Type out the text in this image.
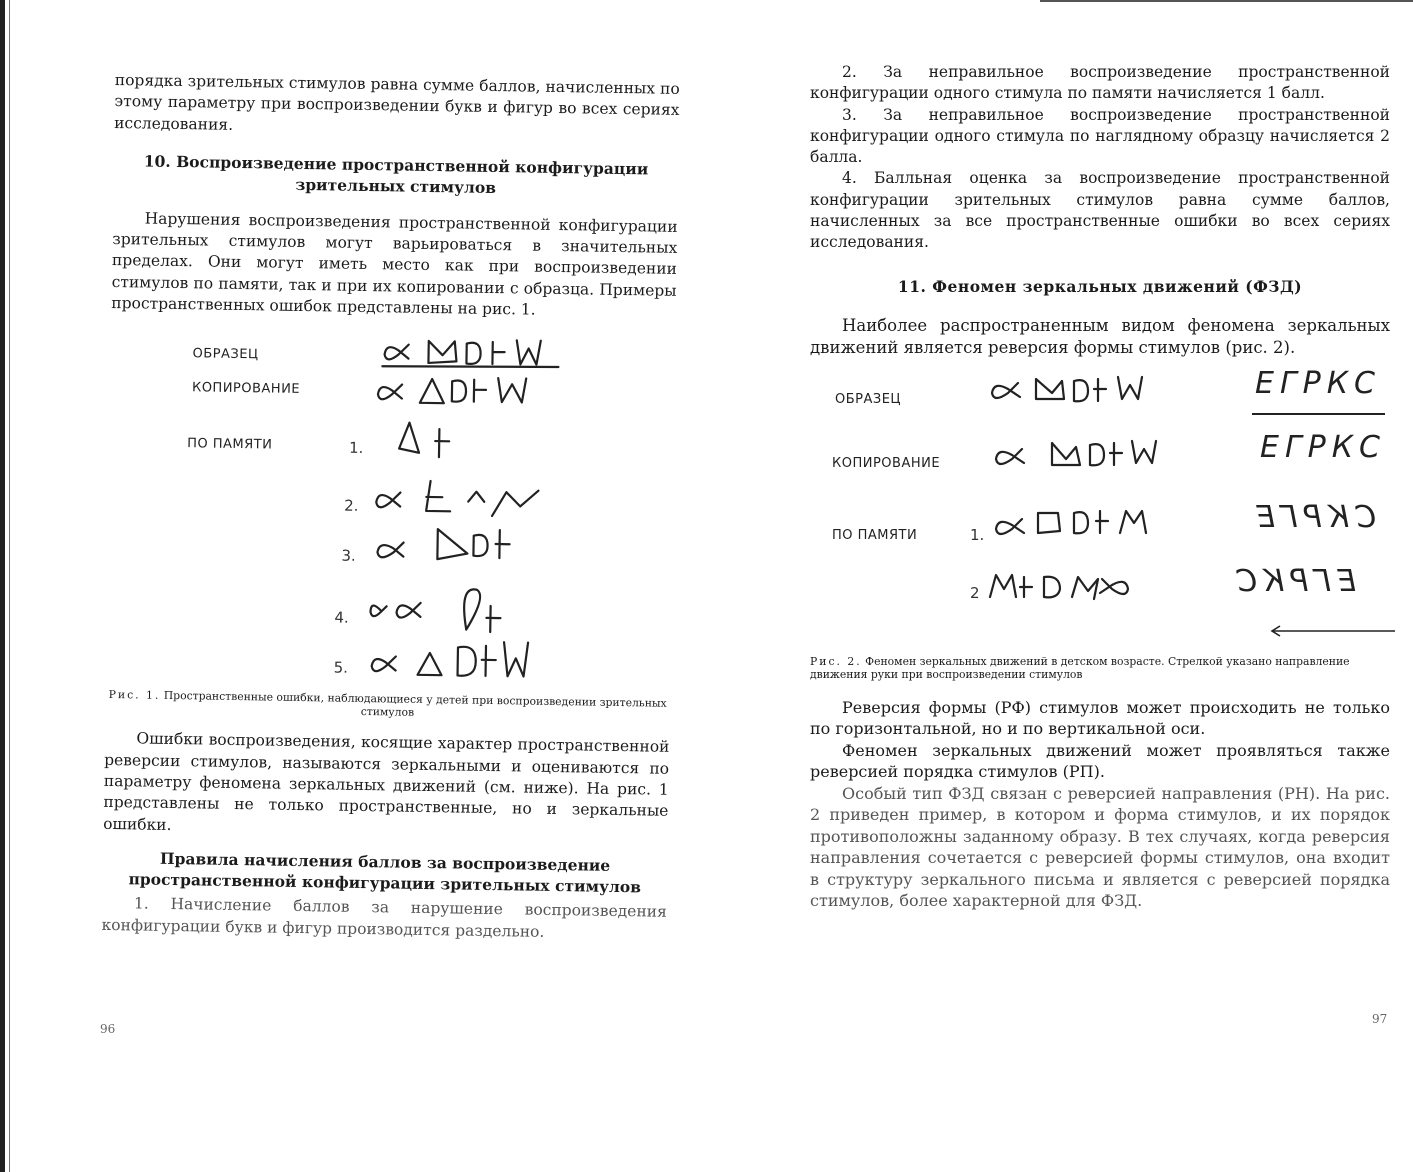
порядка зрительных стимулов равна сумме баллов, начисленных по этому параметру при воспроизведении букв и фигур во всех сериях исследования.

10. Воспроизведение пространственной конфигурации зрительных стимулов

Нарушения воспроизведения пространственной конфигурации зрительных стимулов могут варьироваться в значительных пределах. Они могут иметь место как при воспроизведении стимулов по памяти, так и при их копировании с образца. Примеры пространственных ошибок представлены на рис. 1.

ОБРАЗЕЦ
КОПИРОВАНИЕ
ПО ПАМЯТИ	1.
2.
3.
4.
5.
Рис. 1. Пространственные ошибки, наблюдающиеся у детей при воспроизведении зрительных стимулов

Ошибки воспроизведения, косящие характер пространственной реверсии стимулов, называются зеркальными и оцениваются по параметру феномена зеркальных движений (см. ниже). На рис. 1 представлены не только пространственные, но и зеркальные ошибки.

Правила начисления баллов за воспроизведение пространственной конфигурации зрительных стимулов

1. Начисление баллов за нарушение воспроизведения конфигурации букв и фигур производится раздельно.

96

2. За неправильное воспроизведение пространственной конфигурации одного стимула по памяти начисляется 1 балл.

3. За неправильное воспроизведение пространственной конфигурации одного стимула по наглядному образцу начисляется 2 балла.

4. Балльная оценка за воспроизведение пространственной конфигурации зрительных стимулов равна сумме баллов, начисленных за все пространственные ошибки во всех сериях исследования.

11. Феномен зеркальных движений (ФЗД)

Наиболее распространенным видом феномена зеркальных движений является реверсия формы стимулов (рис. 2).

ОБРАЗЕЦ
КОПИРОВАНИЕ
ПО ПАМЯТИ	1.
2
ЕГРКС
ЕГРКС
СКРГЕ
ЕГРКС
Рис. 2. Феномен зеркальных движений в детском возрасте. Стрелкой указано направление движения руки при воспроизведении стимулов

Реверсия формы (РФ) стимулов может происходить не только по горизонтальной, но и по вертикальной оси.

Феномен зеркальных движений может проявляться также реверсией порядка стимулов (РП).

Особый тип ФЗД связан с реверсией направления (РН). На рис. 2 приведен пример, в котором и форма стимулов, и их порядок противоположны заданному образу. В тех случаях, когда реверсия направления сочетается с реверсией формы стимулов, она входит в структуру зеркального письма и является с реверсией порядка стимулов, более характерной для ФЗД.

97
